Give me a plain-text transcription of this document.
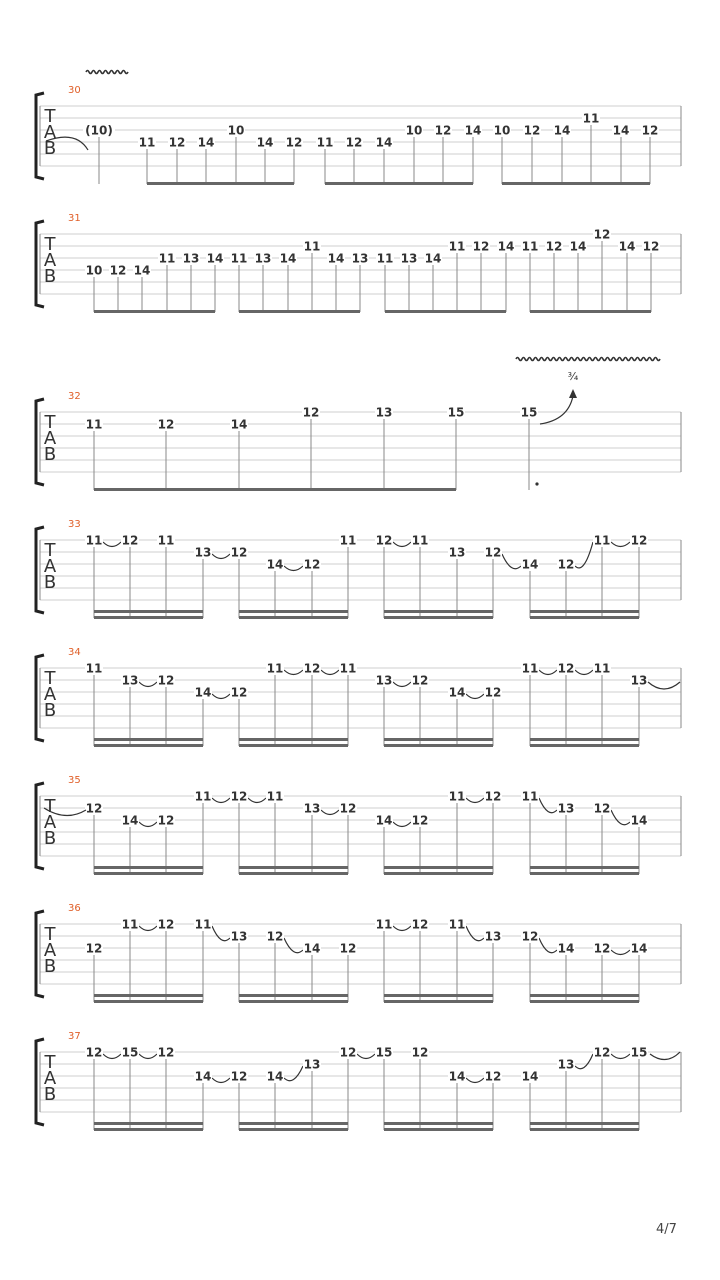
T
A
B
30
(10)
11 12 14
10
14 12 11 12 14
10 12 14 10 12 14
11
14 12
T
A
B
31
10 12 14
11 13 14 11 13 14
11
14 13 11 13 14
11 12 14 11 12 14
12
14 12
T
A
B
32
11	12	14
12	13	15	15
T
A
B
33
11 12 11
13 12
14 12
11 12 11
13 12
14 12
11 12
T
A
B
34
11
13 12
14 12
11 12 11
13 12
14 12
11 12 11
13
T
A
B
35
12
14 12
11 12 11
13 12
14 12
11 12 11
13 12
14
T
A
B
36
12
11 12 11
13 12
14 12
11 12 11
13 12
14 12 14
T
A
B
37
12 15 12
14 12 14
13
12 15 12
14 12 14
13
12 15
¾
4/7
